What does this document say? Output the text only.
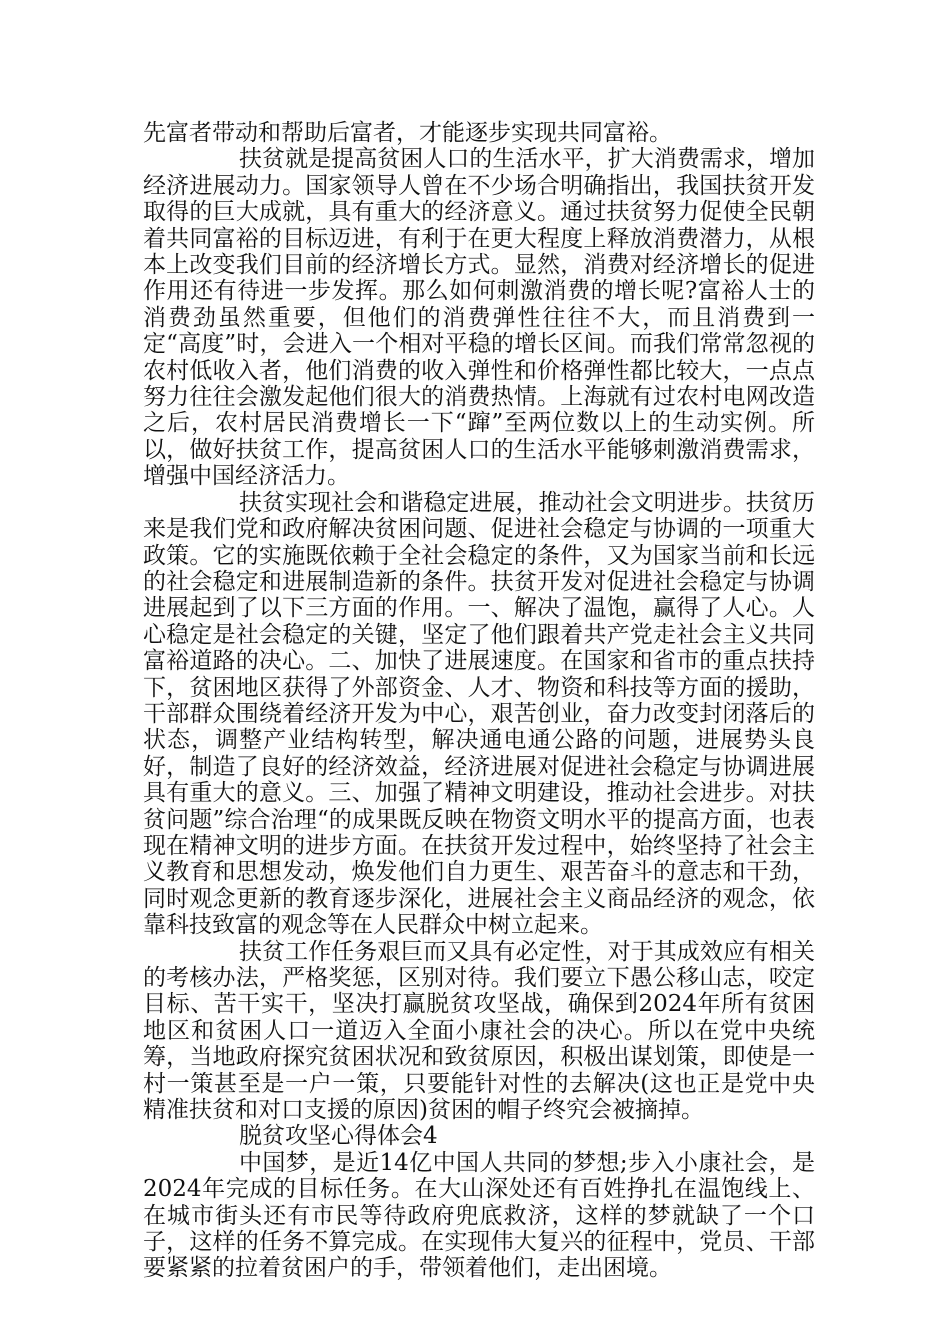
先富者带动和帮助后富者，才能逐步实现共同富裕。

扶贫就是提高贫困人口的生活水平，扩大消费需求，增加经济进展动力。国家领导人曾在不少场合明确指出，我国扶贫开发取得的巨大成就，具有重大的经济意义。通过扶贫努力促使全民朝着共同富裕的目标迈进，有利于在更大程度上释放消费潜力，从根本上改变我们目前的经济增长方式。显然，消费对经济增长的促进作用还有待进一步发挥。那么如何刺激消费的增长呢?富裕人士的消费劲虽然重要，但他们的消费弹性往往不大，而且消费到一定“高度”时，会进入一个相对平稳的增长区间。而我们常常忽视的农村低收入者，他们消费的收入弹性和价格弹性都比较大，一点点努力往往会激发起他们很大的消费热情。上海就有过农村电网改造之后，农村居民消费增长一下“蹿”至两位数以上的生动实例。所以，做好扶贫工作，提高贫困人口的生活水平能够刺激消费需求，增强中国经济活力。

扶贫实现社会和谐稳定进展，推动社会文明进步。扶贫历来是我们党和政府解决贫困问题、促进社会稳定与协调的一项重大政策。它的实施既依赖于全社会稳定的条件，又为国家当前和长远的社会稳定和进展制造新的条件。扶贫开发对促进社会稳定与协调进展起到了以下三方面的作用。一、解决了温饱，赢得了人心。人心稳定是社会稳定的关键，坚定了他们跟着共产党走社会主义共同富裕道路的决心。二、加快了进展速度。在国家和省市的重点扶持下，贫困地区获得了外部资金、人才、物资和科技等方面的援助，干部群众围绕着经济开发为中心，艰苦创业，奋力改变封闭落后的状态，调整产业结构转型，解决通电通公路的问题，进展势头良好，制造了良好的经济效益，经济进展对促进社会稳定与协调进展具有重大的意义。三、加强了精神文明建设，推动社会进步。对扶贫问题”综合治理“的成果既反映在物资文明水平的提高方面，也表现在精神文明的进步方面。在扶贫开发过程中，始终坚持了社会主义教育和思想发动，焕发他们自力更生、艰苦奋斗的意志和干劲，同时观念更新的教育逐步深化，进展社会主义商品经济的观念，依靠科技致富的观念等在人民群众中树立起来。

扶贫工作任务艰巨而又具有必定性，对于其成效应有相关的考核办法，严格奖惩，区别对待。我们要立下愚公移山志，咬定目标、苦干实干，坚决打赢脱贫攻坚战，确保到2024年所有贫困地区和贫困人口一道迈入全面小康社会的决心。所以在党中央统筹，当地政府探究贫困状况和致贫原因，积极出谋划策，即使是一村一策甚至是一户一策，只要能针对性的去解决(这也正是党中央精准扶贫和对口支援的原因)贫困的帽子终究会被摘掉。

脱贫攻坚心得体会4

中国梦，是近14亿中国人共同的梦想;步入小康社会，是2024年完成的目标任务。在大山深处还有百姓挣扎在温饱线上、在城市街头还有市民等待政府兜底救济，这样的梦就缺了一个口子，这样的任务不算完成。在实现伟大复兴的征程中，党员、干部要紧紧的拉着贫困户的手，带领着他们，走出困境。
